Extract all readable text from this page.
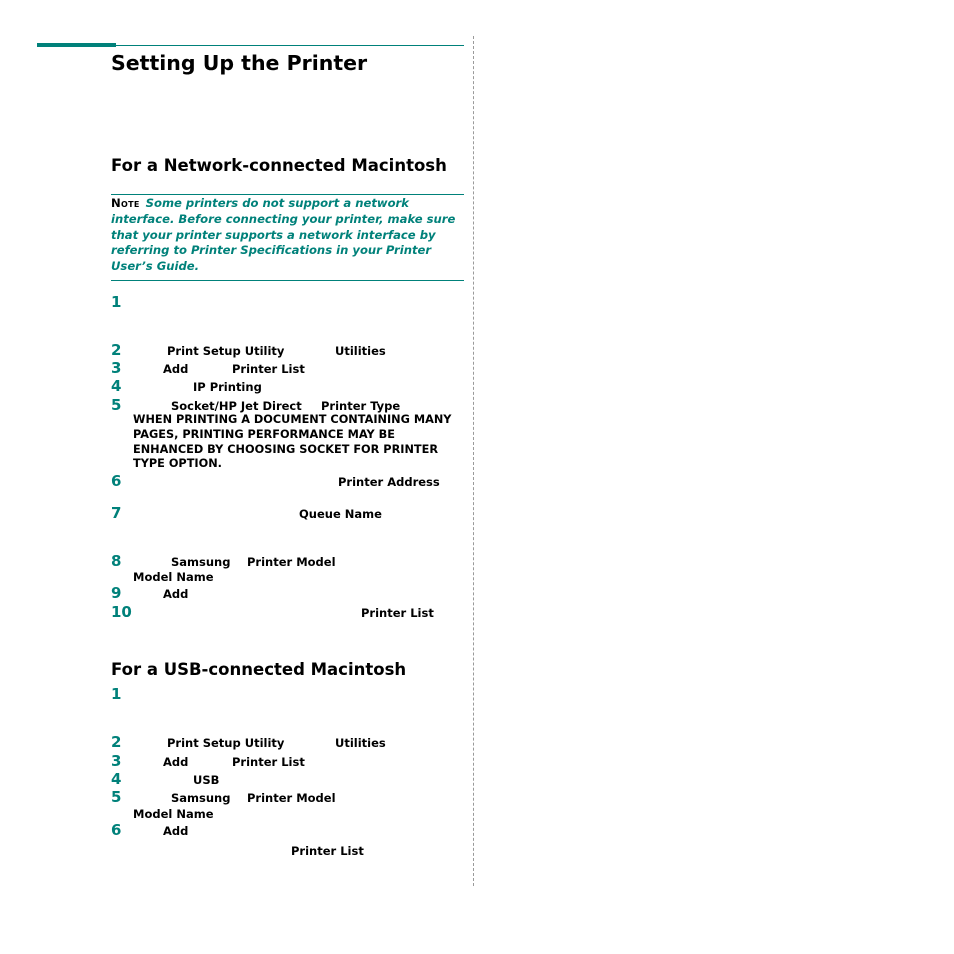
Setting Up the Printer
For a Network-connected Macintosh
Note Some printers do not support a network interface. Before connecting your printer, make sure that your printer supports a network interface by referring to Printer Specifications in your Printer User’s Guide.
1
2	Print Setup Utility	Utilities
3	Add	Printer List
4	IP Printing
5	Socket/HP Jet Direct Printer Type
WHEN PRINTING A DOCUMENT CONTAINING MANY PAGES, PRINTING PERFORMANCE MAY BE ENHANCED BY CHOOSING SOCKET FOR PRINTER TYPE OPTION.
6	Printer Address
7	Queue Name
8	Samsung Printer Model
Model Name
9	Add
10	Printer List
For a USB-connected Macintosh
1
2	Print Setup Utility	Utilities
3	Add	Printer List
4	USB
5	Samsung Printer Model
Model Name
6	Add
Printer List
